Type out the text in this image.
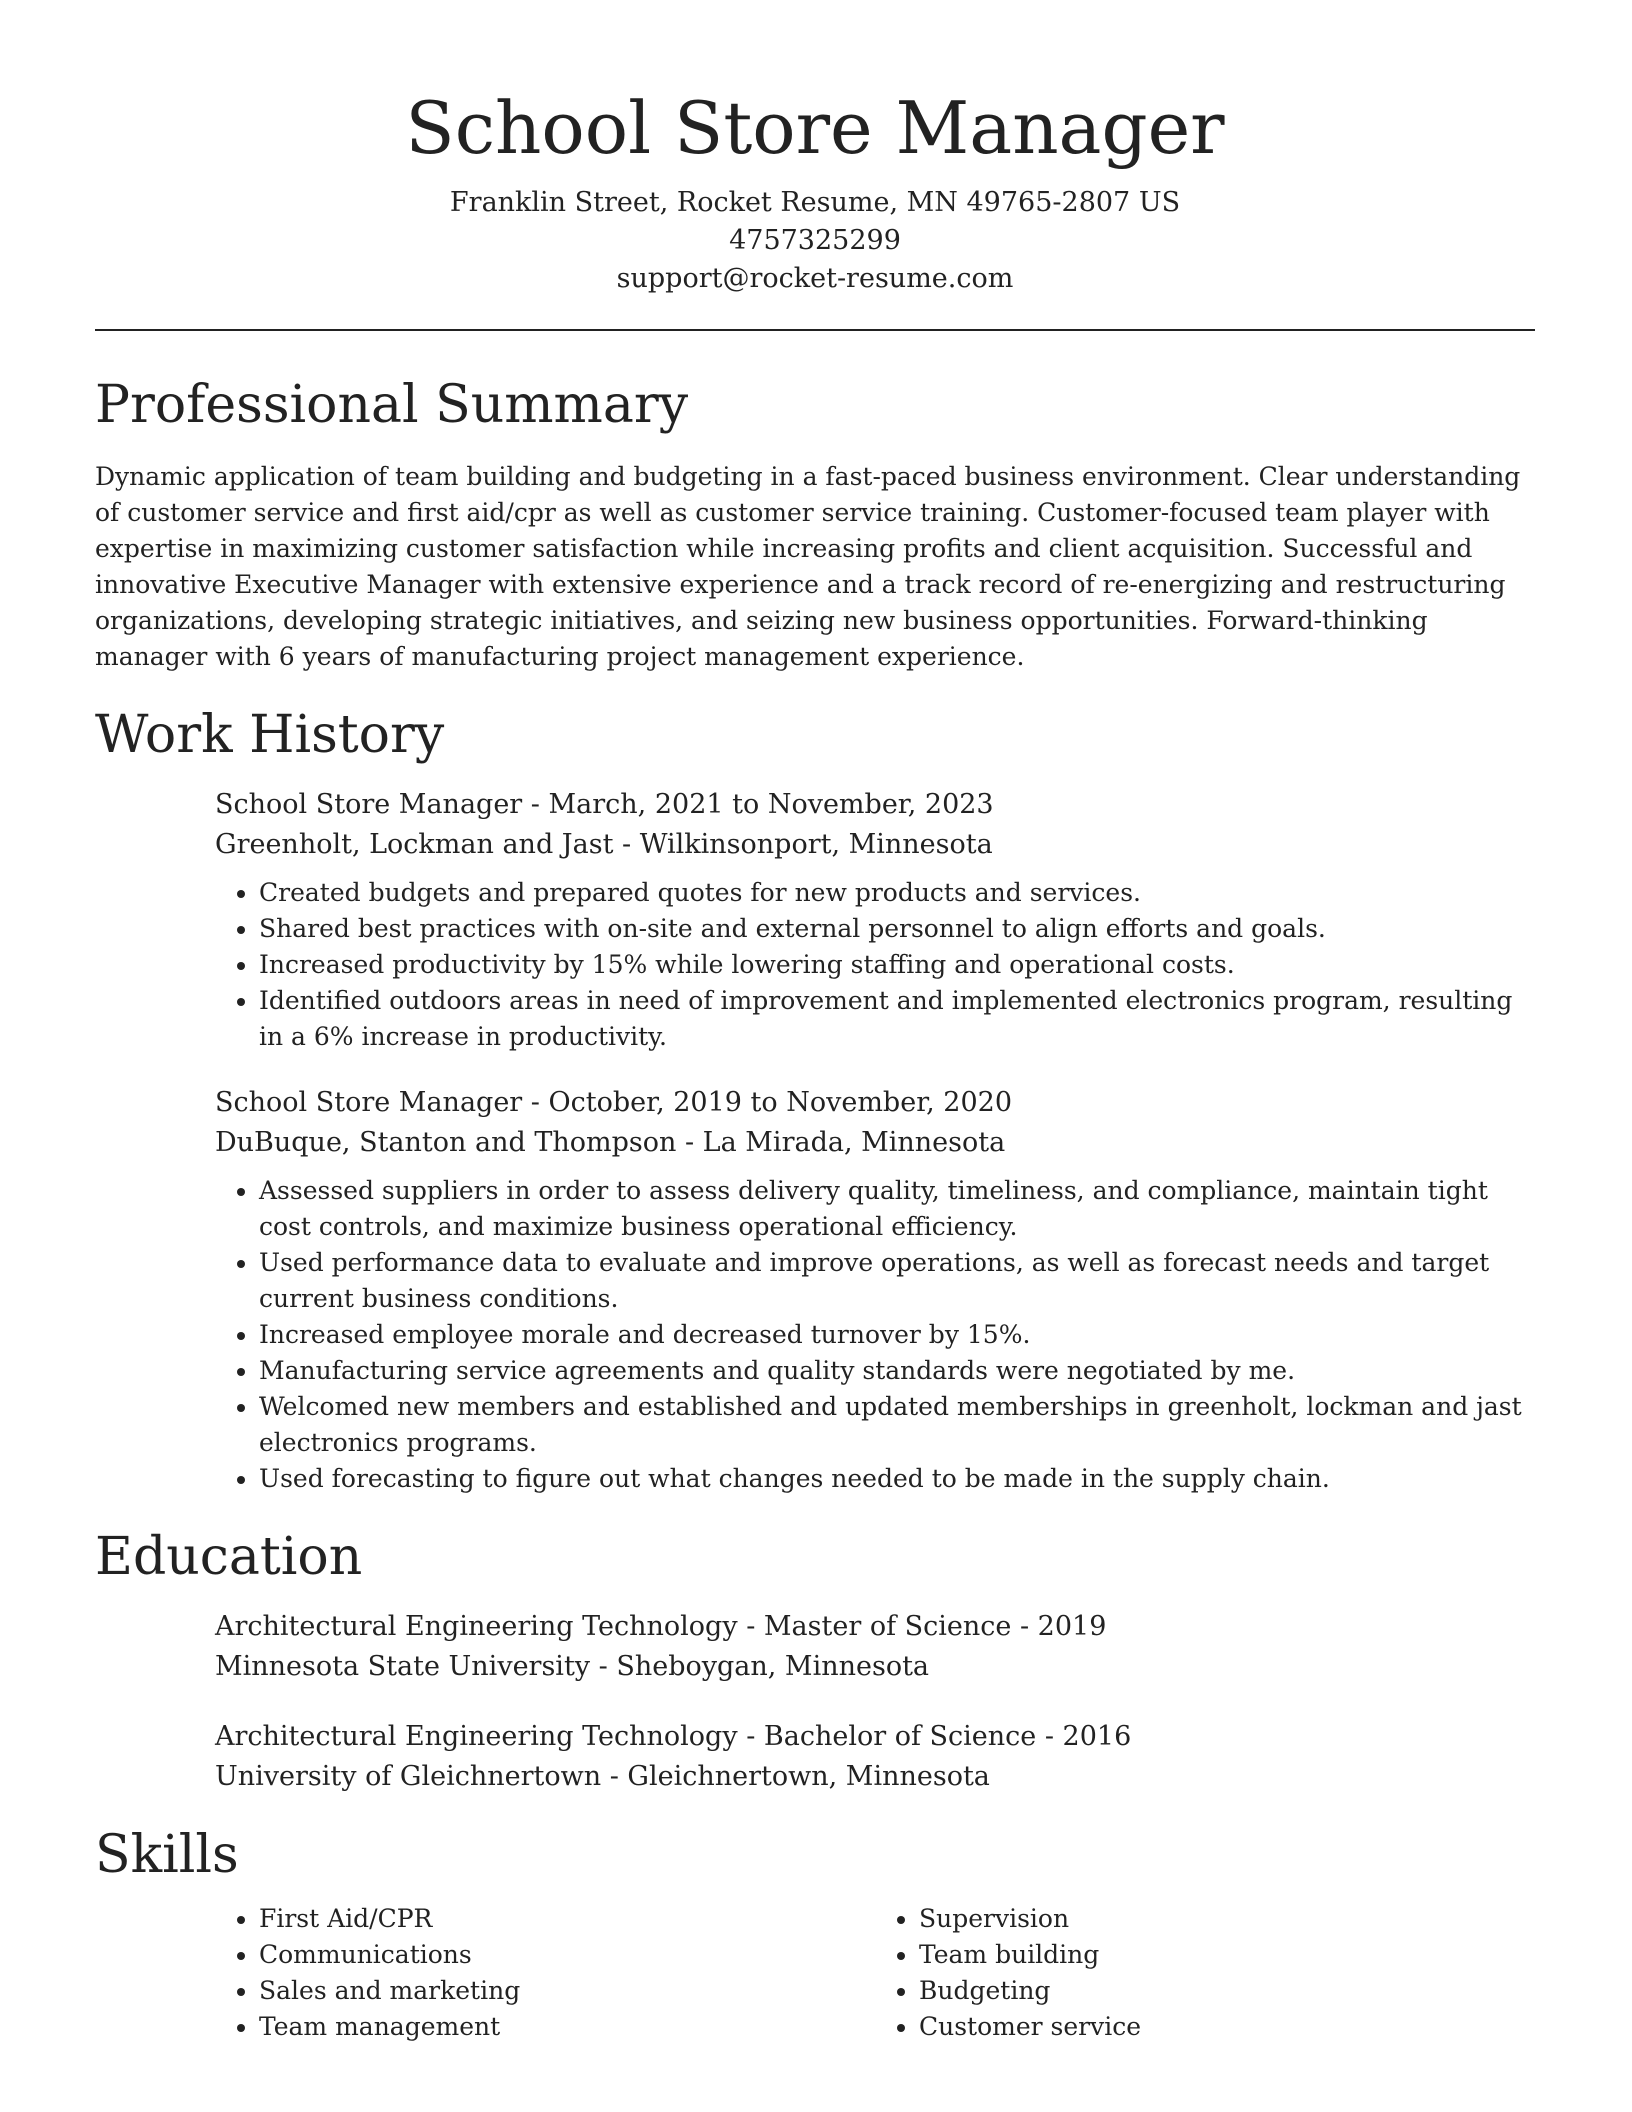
School Store Manager
Franklin Street, Rocket Resume, MN 49765-2807 US
4757325299
support@rocket-resume.com
Professional Summary

Dynamic application of team building and budgeting in a fast-paced business environment. Clear understanding of customer service and first aid/cpr as well as customer service training. Customer-focused team player with expertise in maximizing customer satisfaction while increasing profits and client acquisition. Successful and innovative Executive Manager with extensive experience and a track record of re-energizing and restructuring organizations, developing strategic initiatives, and seizing new business opportunities. Forward-thinking manager with 6 years of manufacturing project management experience.

Work History
School Store Manager - March, 2021 to November, 2023
Greenholt, Lockman and Jast - Wilkinsonport, Minnesota
• Created budgets and prepared quotes for new products and services.
• Shared best practices with on-site and external personnel to align efforts and goals.
• Increased productivity by 15% while lowering staffing and operational costs.
• Identified outdoors areas in need of improvement and implemented electronics program, resulting in a 6% increase in productivity.
School Store Manager - October, 2019 to November, 2020
DuBuque, Stanton and Thompson - La Mirada, Minnesota
• Assessed suppliers in order to assess delivery quality, timeliness, and compliance, maintain tight cost controls, and maximize business operational efficiency.
• Used performance data to evaluate and improve operations, as well as forecast needs and target current business conditions.
• Increased employee morale and decreased turnover by 15%.
• Manufacturing service agreements and quality standards were negotiated by me.
• Welcomed new members and established and updated memberships in greenholt, lockman and jast electronics programs.
• Used forecasting to figure out what changes needed to be made in the supply chain.
Education
Architectural Engineering Technology - Master of Science - 2019
Minnesota State University - Sheboygan, Minnesota
Architectural Engineering Technology - Bachelor of Science - 2016
University of Gleichnertown - Gleichnertown, Minnesota
Skills
• First Aid/CPR
• Communications
• Sales and marketing
• Team management
• Supervision
• Team building
• Budgeting
• Customer service
